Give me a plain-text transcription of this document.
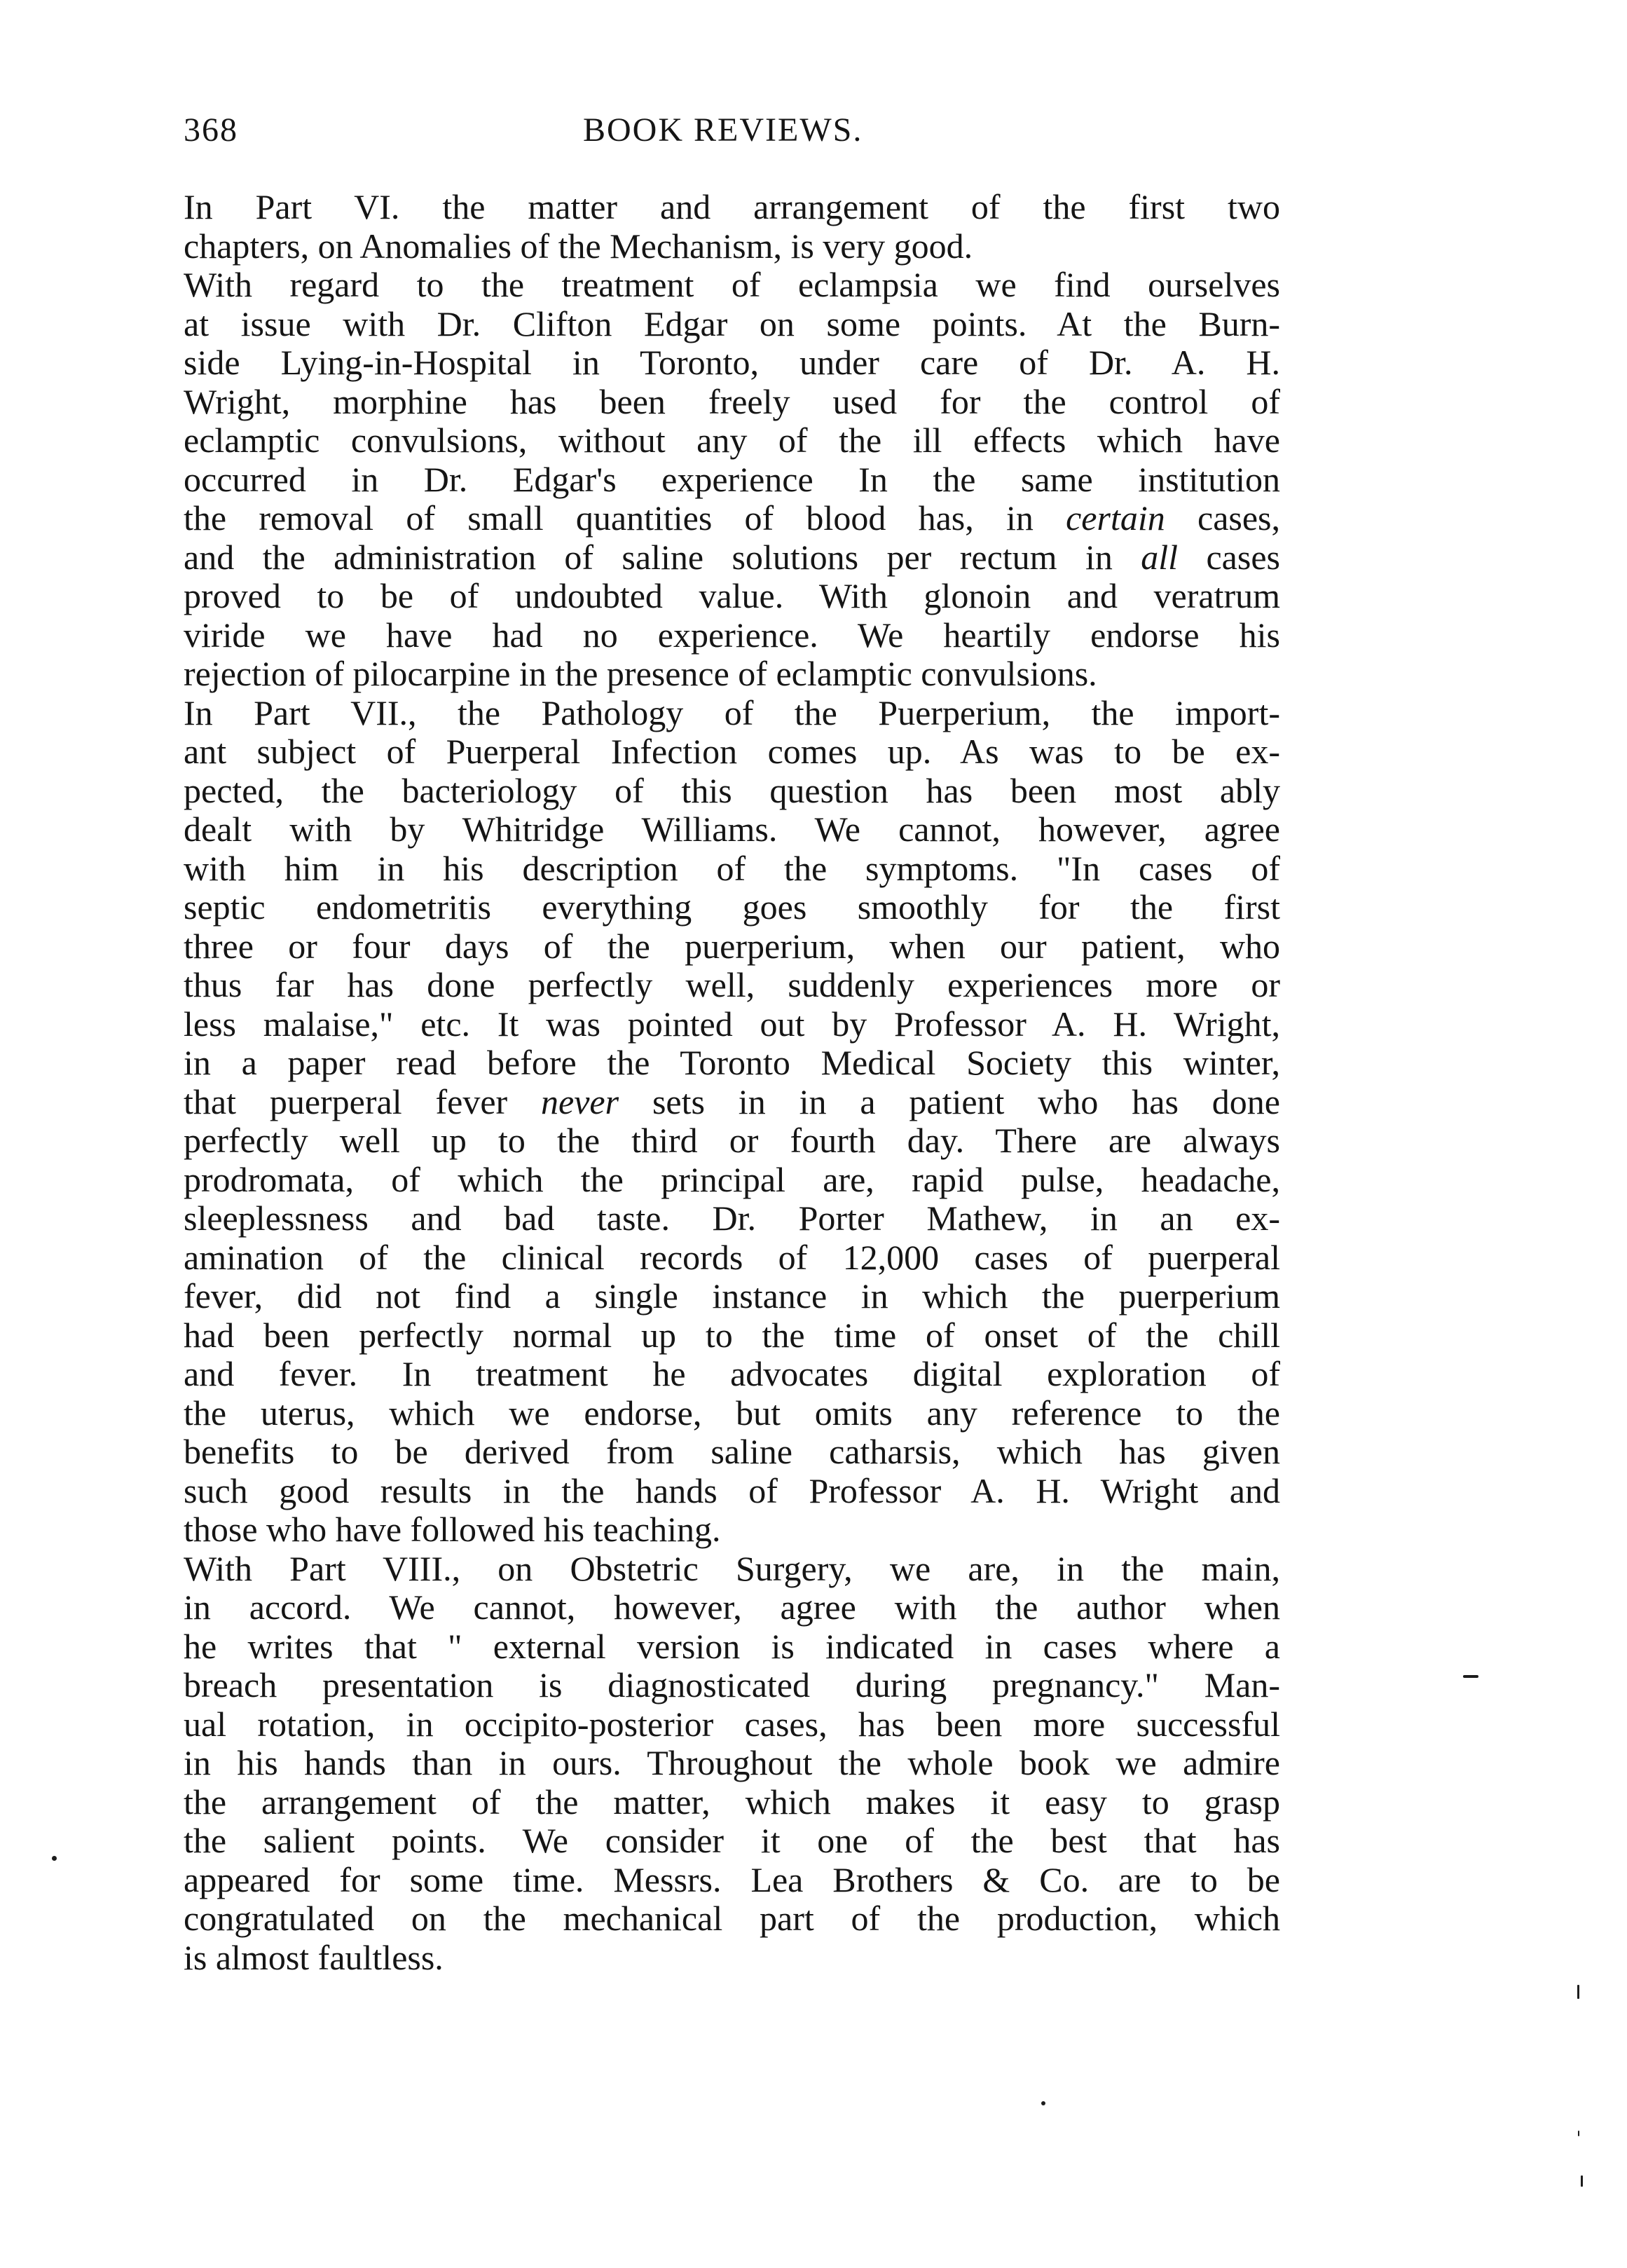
368	BOOK REVIEWS.
In Part VI. the matter and arrangement of the first two
chapters, on Anomalies of the Mechanism, is very good.
With regard to the treatment of eclampsia we find ourselves
at issue with Dr. Clifton Edgar on some points. At the Burn-
side Lying-in-Hospital in Toronto, under care of Dr. A. H.
Wright, morphine has been freely used for the control of
eclamptic convulsions, without any of the ill effects which have
occurred in Dr. Edgar's experience In the same institution
the removal of small quantities of blood has, in certain cases,
and the administration of saline solutions per rectum in all cases
proved to be of undoubted value. With glonoin and veratrum
viride we have had no experience. We heartily endorse his
rejection of pilocarpine in the presence of eclamptic convulsions.
In Part VII., the Pathology of the Puerperium, the import-
ant subject of Puerperal Infection comes up. As was to be ex-
pected, the bacteriology of this question has been most ably
dealt with by Whitridge Williams. We cannot, however, agree
with him in his description of the symptoms. "In cases of
septic endometritis everything goes smoothly for the first
three or four days of the puerperium, when our patient, who
thus far has done perfectly well, suddenly experiences more or
less malaise," etc. It was pointed out by Professor A. H. Wright,
in a paper read before the Toronto Medical Society this winter,
that puerperal fever never sets in in a patient who has done
perfectly well up to the third or fourth day. There are always
prodromata, of which the principal are, rapid pulse, headache,
sleeplessness and bad taste. Dr. Porter Mathew, in an ex-
amination of the clinical records of 12,000 cases of puerperal
fever, did not find a single instance in which the puerperium
had been perfectly normal up to the time of onset of the chill
and fever. In treatment he advocates digital exploration of
the uterus, which we endorse, but omits any reference to the
benefits to be derived from saline catharsis, which has given
such good results in the hands of Professor A. H. Wright and
those who have followed his teaching.
With Part VIII., on Obstetric Surgery, we are, in the main,
in accord. We cannot, however, agree with the author when
he writes that " external version is indicated in cases where a
breach presentation is diagnosticated during pregnancy." Man-
ual rotation, in occipito-posterior cases, has been more successful
in his hands than in ours. Throughout the whole book we admire
the arrangement of the matter, which makes it easy to grasp
the salient points. We consider it one of the best that has
appeared for some time. Messrs. Lea Brothers & Co. are to be
congratulated on the mechanical part of the production, which
is almost faultless.
